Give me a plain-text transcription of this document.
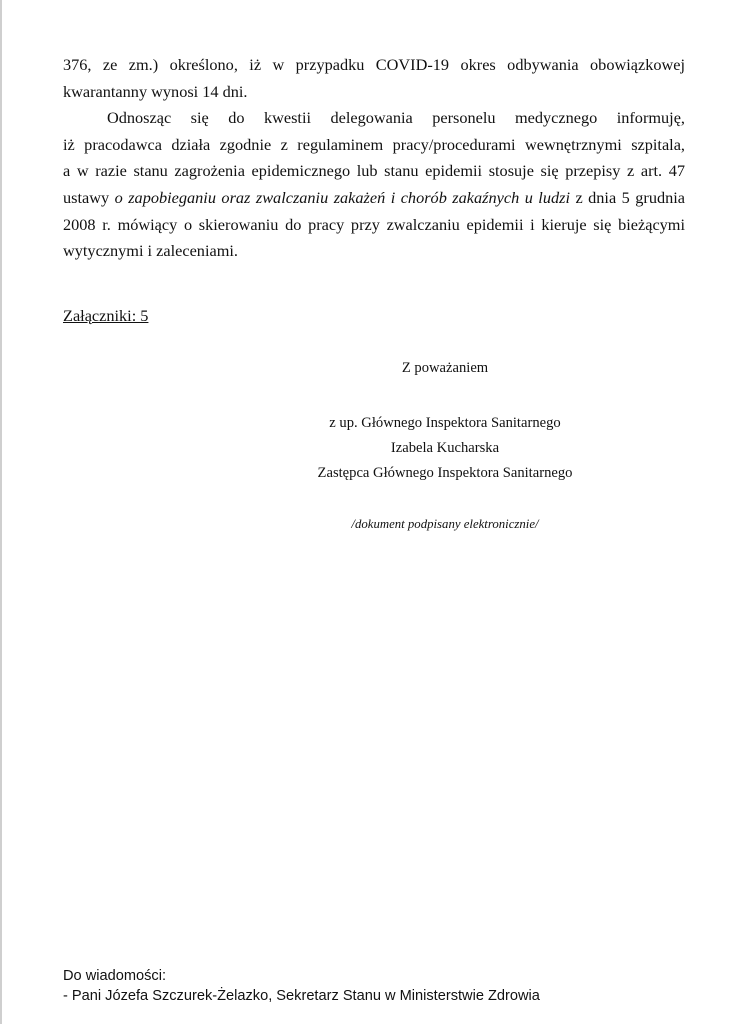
376, ze zm.) określono, iż w przypadku COVID-19 okres odbywania obowiązkowej
kwarantanny wynosi 14 dni.
Odnosząc się do kwestii delegowania personelu medycznego informuję,
iż pracodawca działa zgodnie z regulaminem pracy/procedurami wewnętrznymi szpitala,
a w razie stanu zagrożenia epidemicznego lub stanu epidemii stosuje się przepisy z art. 47
ustawy o zapobieganiu oraz zwalczaniu zakażeń i chorób zakaźnych u ludzi z dnia 5 grudnia
2008 r. mówiący o skierowaniu do pracy przy zwalczaniu epidemii i kieruje się bieżącymi
wytycznymi i zaleceniami.
Załączniki: 5
Z poważaniem
z up. Głównego Inspektora Sanitarnego
Izabela Kucharska
Zastępca Głównego Inspektora Sanitarnego
/dokument podpisany elektronicznie/
Do wiadomości:
- Pani Józefa Szczurek-Żelazko, Sekretarz Stanu w Ministerstwie Zdrowia
